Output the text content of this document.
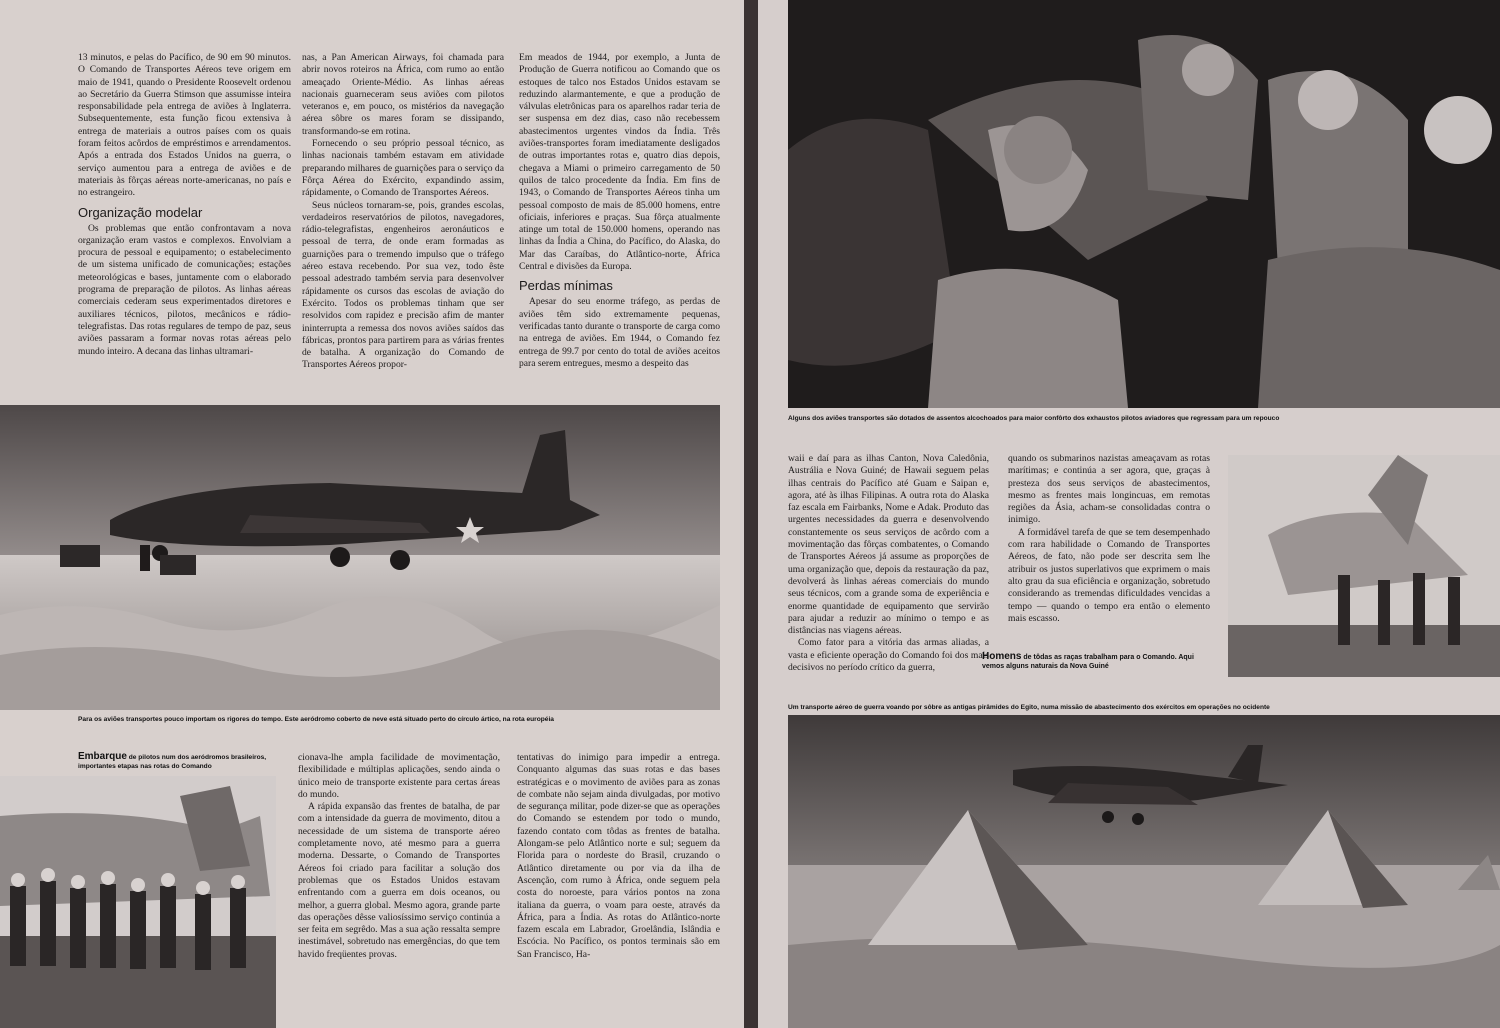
13 minutos, e pelas do Pacífico, de 90 em 90 minutos. O Comando de Transportes Aéreos teve origem em maio de 1941, quando o Presidente Roosevelt ordenou ao Secretário da Guerra Stimson que assumisse inteira responsabilidade pela entrega de aviões à Inglaterra. Subsequentemente, esta função ficou extensiva à entrega de materiais a outros países com os quais foram feitos acôrdos de empréstimos e arrendamentos. Após a entrada dos Estados Unidos na guerra, o serviço aumentou para a entrega de aviões e de materiais às fôrças aéreas norte-americanas, no país e no estrangeiro.

Organização modelar

Os problemas que então confrontavam a nova organização eram vastos e complexos. Envolviam a procura de pessoal e equipamento; o estabelecimento de um sistema unificado de comunicações; estações meteorológicas e bases, juntamente com o elaborado programa de preparação de pilotos. As linhas aéreas comerciais cederam seus experimentados diretores e auxiliares técnicos, pilotos, mecânicos e rádio-telegrafistas. Das rotas regulares de tempo de paz, seus aviões passaram a formar novas rotas aéreas pelo mundo inteiro. A decana das linhas ultramari-

nas, a Pan American Airways, foi chamada para abrir novos roteiros na África, com rumo ao então ameaçado Oriente-Médio. As linhas aéreas nacionais guarneceram seus aviões com pilotos veteranos e, em pouco, os mistérios da navegação aérea sôbre os mares foram se dissipando, transformando-se em rotina.

Fornecendo o seu próprio pessoal técnico, as linhas nacionais também estavam em atividade preparando milhares de guarnições para o serviço da Fôrça Aérea do Exército, expandindo assim, rápidamente, o Comando de Transportes Aéreos.

Seus núcleos tornaram-se, pois, grandes escolas, verdadeiros reservatórios de pilotos, navegadores, rádio-telegrafistas, engenheiros aeronáuticos e pessoal de terra, de onde eram formadas as guarnições para o tremendo impulso que o tráfego aéreo estava recebendo. Por sua vez, todo êste pessoal adestrado também servia para desenvolver rápidamente os cursos das escolas de aviação do Exército. Todos os problemas tinham que ser resolvidos com rapidez e precisão afim de manter ininterrupta a remessa dos novos aviões saídos das fábricas, prontos para partirem para as várias frentes de batalha. A organização do Comando de Transportes Aéreos propor-

Em meados de 1944, por exemplo, a Junta de Produção de Guerra notificou ao Comando que os estoques de talco nos Estados Unidos estavam se reduzindo alarmantemente, e que a produção de válvulas eletrônicas para os aparelhos radar teria de ser suspensa em dez dias, caso não recebessem abastecimentos urgentes vindos da Índia. Três aviões-transportes foram imediatamente desligados de outras importantes rotas e, quatro dias depois, chegava a Miami o primeiro carregamento de 50 quilos de talco procedente da Índia. Em fins de 1943, o Comando de Transportes Aéreos tinha um pessoal composto de mais de 85.000 homens, entre oficiais, inferiores e praças. Sua fôrça atualmente atinge um total de 150.000 homens, operando nas linhas da Índia a China, do Pacífico, do Alaska, do Mar das Caraíbas, do Atlântico-norte, África Central e divisões da Europa.

Perdas mínimas

Apesar do seu enorme tráfego, as perdas de aviões têm sido extremamente pequenas, verificadas tanto durante o transporte de carga como na entrega de aviões. Em 1944, o Comando fez entrega de 99.7 por cento do total de aviões aceitos para serem entregues, mesmo a despeito das

Para os aviões transportes pouco importam os rigores do tempo. Este aeródromo coberto de neve está situado perto do círculo ártico, na rota européia
Embarque de pilotos num dos aeródromos brasileiros, importantes etapas nas rotas do Comando

cionava-lhe ampla facilidade de movimentação, flexibilidade e múltiplas aplicações, sendo ainda o único meio de transporte existente para certas áreas do mundo.

A rápida expansão das frentes de batalha, de par com a intensidade da guerra de movimento, ditou a necessidade de um sistema de transporte aéreo completamente novo, até mesmo para a guerra moderna. Dessarte, o Comando de Transportes Aéreos foi criado para facilitar a solução dos problemas que os Estados Unidos estavam enfrentando com a guerra em dois oceanos, ou melhor, a guerra global. Mesmo agora, grande parte das operações dêsse valiosíssimo serviço continúa a ser feita em segrêdo. Mas a sua ação ressalta sempre inestimável, sobretudo nas emergências, do que tem havido freqüentes provas.

tentativas do inimigo para impedir a entrega. Conquanto algumas das suas rotas e das bases estratégicas e o movimento de aviões para as zonas de combate não sejam ainda divulgadas, por motivo de segurança militar, pode dizer-se que as operações do Comando se estendem por todo o mundo, fazendo contato com tôdas as frentes de batalha. Alongam-se pelo Atlântico norte e sul; seguem da Florida para o nordeste do Brasil, cruzando o Atlântico diretamente ou por via da ilha de Ascenção, com rumo à África, onde seguem pela costa do noroeste, para vários pontos na zona italiana da guerra, o voam para oeste, através da África, para a Índia. As rotas do Atlântico-norte fazem escala em Labrador, Groelândia, Islândia e Escócia. No Pacífico, os pontos terminais são em San Francisco, Ha-

Alguns dos aviões transportes são dotados de assentos alcochoados para maior confôrto dos exhaustos pilotos aviadores que regressam para um repouco

waii e daí para as ilhas Canton, Nova Caledônia, Austrália e Nova Guiné; de Hawaii seguem pelas ilhas centrais do Pacífico até Guam e Saipan e, agora, até às ilhas Filipinas. A outra rota do Alaska faz escala em Fairbanks, Nome e Adak. Produto das urgentes necessidades da guerra e desenvolvendo constantemente os seus serviços de acôrdo com a movimentação das fôrças combatentes, o Comando de Transportes Aéreos já assume as proporções de uma organização que, depois da restauração da paz, devolverá às linhas aéreas comerciais do mundo seus técnicos, com a grande soma de experiência e enorme quantidade de equipamento que servirão para ajudar a reduzir ao mínimo o tempo e as distâncias nas viagens aéreas.

Como fator para a vitória das armas aliadas, a vasta e eficiente operação do Comando foi dos mais decisivos no período crítico da guerra,

quando os submarinos nazistas ameaçavam as rotas marítimas; e continúa a ser agora, que, graças à presteza dos seus serviços de abastecimentos, mesmo as frentes mais longincuas, em remotas regiões da Ásia, acham-se consolidadas contra o inimigo.

A formidável tarefa de que se tem desempenhado com rara habilidade o Comando de Transportes Aéreos, de fato, não pode ser descrita sem lhe atribuir os justos superlativos que exprimem o mais alto grau da sua eficiência e organização, sobretudo considerando as tremendas dificuldades vencidas a tempo — quando o tempo era então o elemento mais escasso.

Homens de tôdas as raças trabalham para o Comando. Aqui vemos alguns naturais da Nova Guiné
Um transporte aéreo de guerra voando por sôbre as antigas pirâmides do Egito, numa missão de abastecimento dos exércitos em operações no ocidente
